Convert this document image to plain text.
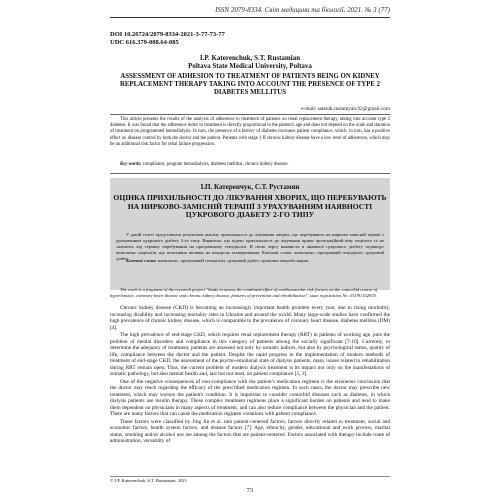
ISSN 2079-8334. Світ медицини та біології. 2021. № 3 (77)
DOI 10.26724/2079-8334-2021-3-77-73-77
UDC 616.379-008.64-085
I.P. Katerenchuk, S.T. Rustamian
Poltava State Medical University, Poltava
ASSESSMENT OF ADHESION TO TREATMENT OF PATIENTS BEING ON KIDNEY REPLACEMENT THERAPY TAKING INTO ACCOUNT THE PRESENCE OF TYPE 2 DIABETES MELLITUS
e-mail: satenik.rustamyan.92@gmail.com
This article presents the results of the analysis of adherence to treatment of patients on renal replacement therapy, taking into account type 2 diabetes. It was found that the adherence index to treatment is directly proportional to the patient's age and does not depend on the scale and duration of treatment on programmed hemodialysis. In turn, the presence of a history of diabetes increases patient compliance, which, in turn, has a positive effect on disease control by both the doctor and the patient. Patients with stage 1 II chronic kidney disease have a low level of adherence, which may be an additional risk factor for renal failure progression.
Key words: compliance, program hemodialysis, diabetes mellitus, chronic kidney disease.
І.П. Катеренчук, С.Т. Рустамян
ОЦІНКА ПРИХИЛЬНОСТІ ДО ЛІКУВАННЯ ХВОРИХ, ЩО ПЕРЕБУВАЮТЬ НА НИРКОВО-ЗАМІСНІЙ ТЕРАПІЇ З УРАХУВАННЯМ НАЯВНОСТІ ЦУКРОВОГО ДІАБЕТУ 2-ГО ТИПУ
У даній статті представлені результати аналізу прихильності до лікування хворих, що перебувають на нирково-замісній терапії з урахуванням цукрового діабету 2-го типу. Виявлено, що індекс прихильності до лікування прямо пропорційний віку пацієнта та не залежить від терміну перебування на програмному гемодіалізі. В свою чергу наявність в анамнезі цукрового діабету підвищує комплаєнс пацієнтів, що позитивно впливає на контроль захворювання. Ключові слова: комплаєнс, програмний гемодіаліз, цукровий діабет.
Ключові слова: комплаєнс, програмний гемодіаліз, цукровий діабет, хронічна хвороба нирок.
The work is a fragment of the research project "Study to assess the combined effect of cardiovascular risk factors on the comorbid course of hypertension, coronary heart disease and chronic kidney disease, features of prevention and rehabilitation", state registration No. 0119U102835.

Chronic kidney disease (CKD) is becoming an increasingly important health problem every year, due to rising morbidity, increasing disability and increasing mortality rates in Ukraine and around the world. Many large-scale studies have confirmed the high prevalence of chronic kidney disease, which is comparable to the prevalence of coronary heart disease, diabetes mellitus (DM) [4].

The high prevalence of end-stage CKD, which requires renal replacement therapy (RRT) in patients of working age, puts the problem of mental disorders and compliance in this category of patients among the socially significant [7-10]. Currently, to determine the adequacy of treatment, patients are assessed not only by somatic indices, but also by psychological status, quality of life, compliance between the doctor and the patient. Despite the rapid progress in the implementation of modern methods of treatment of end-stage CKD, the assessment of the psycho-emotional state of dialysis patients, many issues related to rehabilitation during RRT remain open. Thus, the current problem of modern dialysis treatment is its impact not only on the manifestations of somatic pathology, but also mental health and, last but not least, on patient compliance [1, 3].

One of the negative consequences of non-compliance with the patient's medication regimen is the erroneous conclusion that the doctor may reach regarding the efficacy of the prescribed medication regimen. In such cases, the doctor may prescribe new treatment, which may worsen the patient's condition. It is important to consider comorbid diseases such as diabetes, in which dialysis patients use insulin therapy. These complex treatment regimens place a significant burden on patients and tend to make them dependent on physicians in many aspects of treatment, and can also reduce compliance between the physician and the patient. There are many factors that can cause the medication regimen violations with patient compliance.

These factors were classified by Jing Jin et al. into patient-centered factors, factors directly related to treatment, social and economic factors, health system factors, and disease factors [7]. Age, ethnicity, gender, educational and work process, marital status, smoking and/or alcohol use are among the factors that are patient-centered. Factors associated with therapy include route of administration, versatility of

© I.P. Katerenchuk, S.T. Rustamian, 2021
73
